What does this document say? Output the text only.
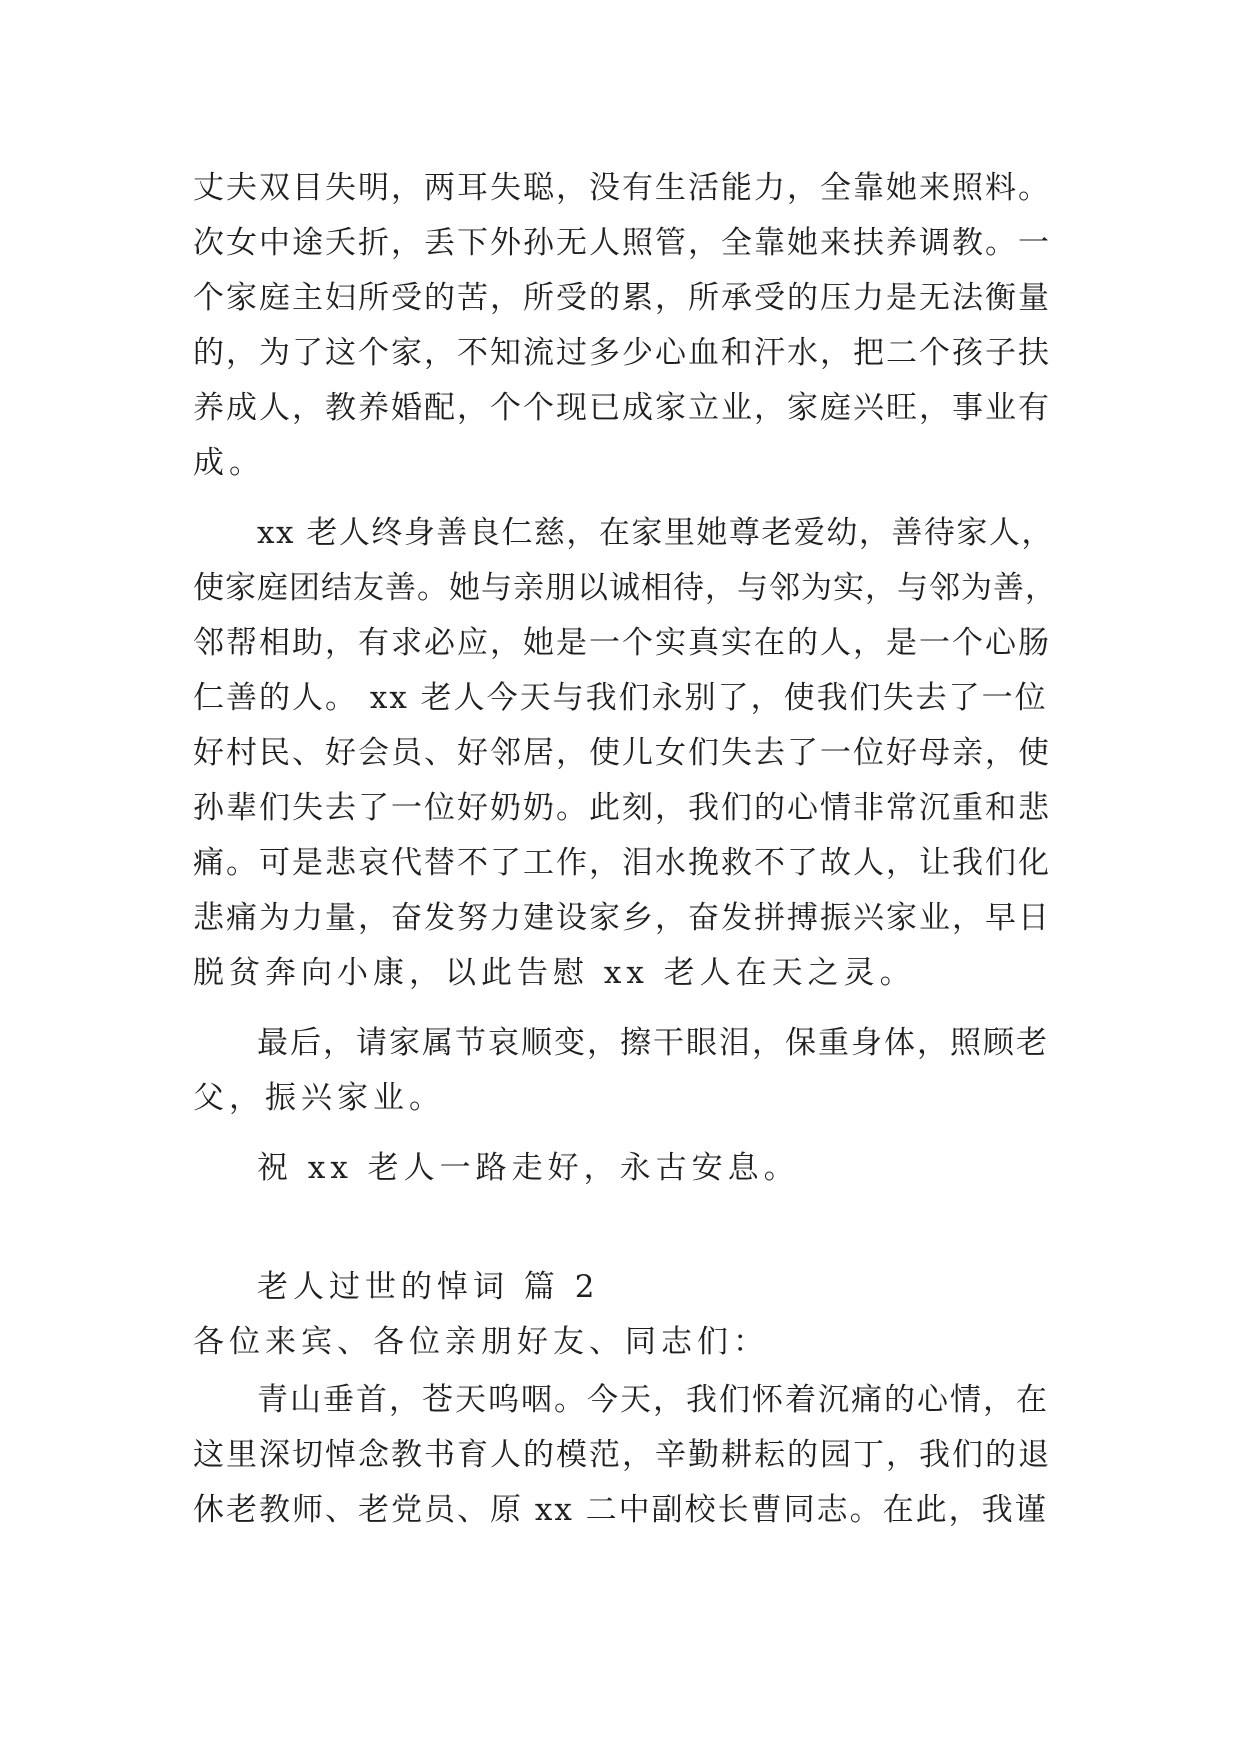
丈夫双目失明，两耳失聪，没有生活能力，全靠她来照料。

次女中途夭折，丢下外孙无人照管，全靠她来扶养调教。一

个家庭主妇所受的苦，所受的累，所承受的压力是无法衡量

的，为了这个家，不知流过多少心血和汗水，把二个孩子扶

养成人，教养婚配，个个现已成家立业，家庭兴旺，事业有

成。

xx 老人终身善良仁慈，在家里她尊老爱幼，善待家人，

使家庭团结友善。她与亲朋以诚相待，与邻为实，与邻为善，

邻帮相助，有求必应，她是一个实真实在的人，是一个心肠

仁善的人。 xx 老人今天与我们永别了，使我们失去了一位

好村民、好会员、好邻居，使儿女们失去了一位好母亲，使

孙辈们失去了一位好奶奶。此刻，我们的心情非常沉重和悲

痛。可是悲哀代替不了工作，泪水挽救不了故人，让我们化

悲痛为力量，奋发努力建设家乡，奋发拼搏振兴家业，早日

脱贫奔向小康，以此告慰 xx 老人在天之灵。

最后，请家属节哀顺变，擦干眼泪，保重身体，照顾老

父，振兴家业。

祝 xx 老人一路走好，永古安息。

老人过世的悼词 篇 2

各位来宾、各位亲朋好友、同志们：

青山垂首，苍天呜咽。今天，我们怀着沉痛的心情，在

这里深切悼念教书育人的模范，辛勤耕耘的园丁，我们的退

休老教师、老党员、原 xx 二中副校长曹同志。在此，我谨
